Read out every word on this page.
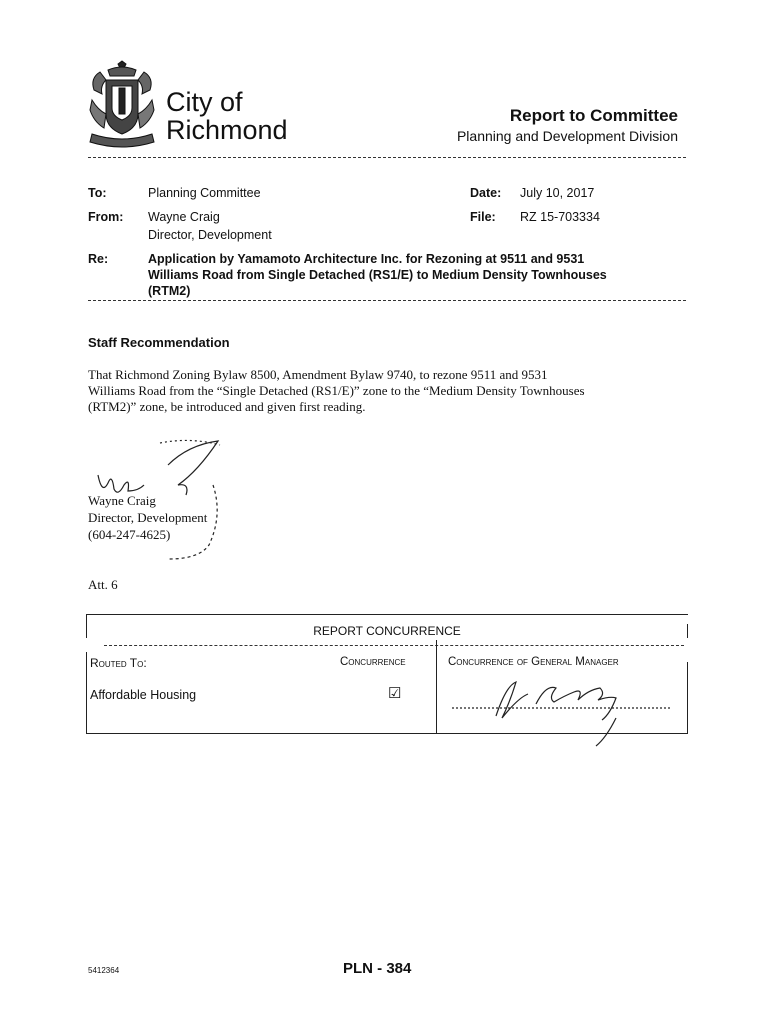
City of
Richmond	Report to Committee
Planning and Development Division
To:	Planning Committee	Date: July 10, 2017
From: Wayne Craig
Director, Development
File: RZ 15-703334
Re:	Application by Yamamoto Architecture Inc. for Rezoning at 9511 and 9531
Williams Road from Single Detached (RS1/E) to Medium Density Townhouses
(RTM2)
Staff Recommendation
That Richmond Zoning Bylaw 8500, Amendment Bylaw 9740, to rezone 9511 and 9531
Williams Road from the “Single Detached (RS1/E)” zone to the “Medium Density Townhouses
(RTM2)” zone, be introduced and given first reading.
Wayne Craig
Director, Development
(604-247-4625)
Att. 6
REPORT CONCURRENCE
Routed To:	Concurrence	Concurrence of General Manager
Affordable Housing	☑
5412364	PLN - 384
